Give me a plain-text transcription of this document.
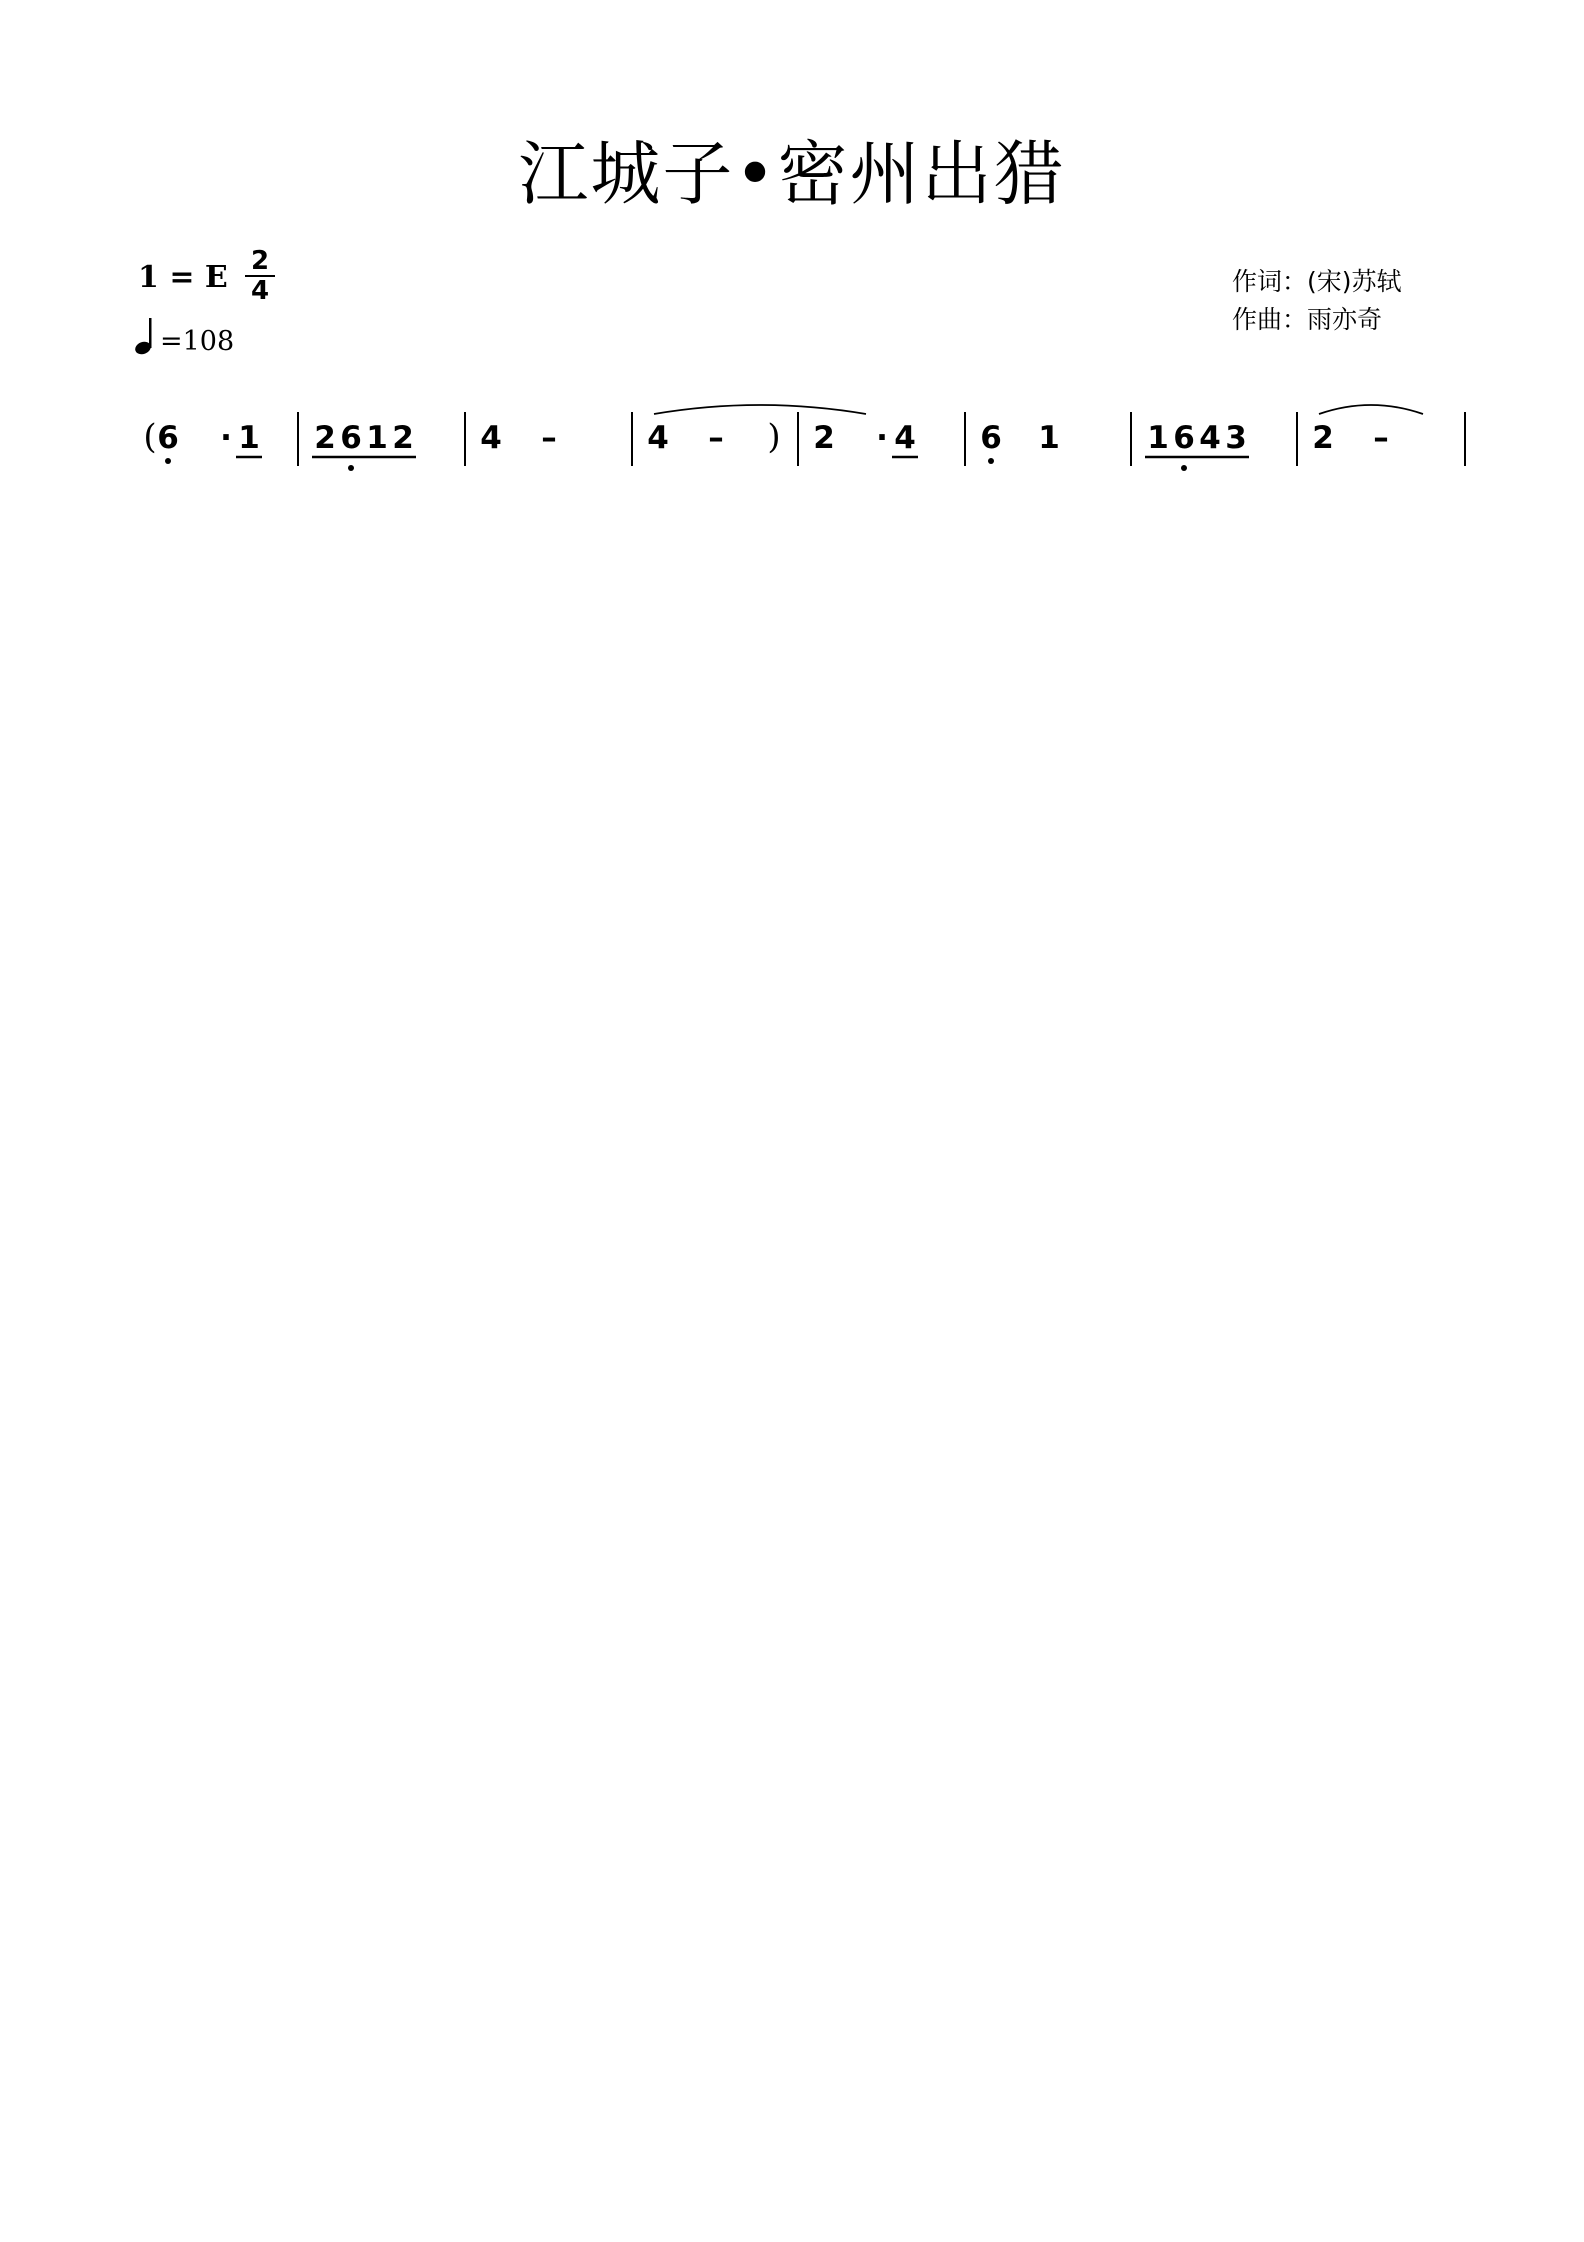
江城子•密州出猎
1 = E 2
4
=108
作词：(宋)苏轼
作曲：雨亦奇
( 6 · 1 2 6 1 2 4 –	4 – ) 2 · 4 6 1	1 6 4 3 2 –
